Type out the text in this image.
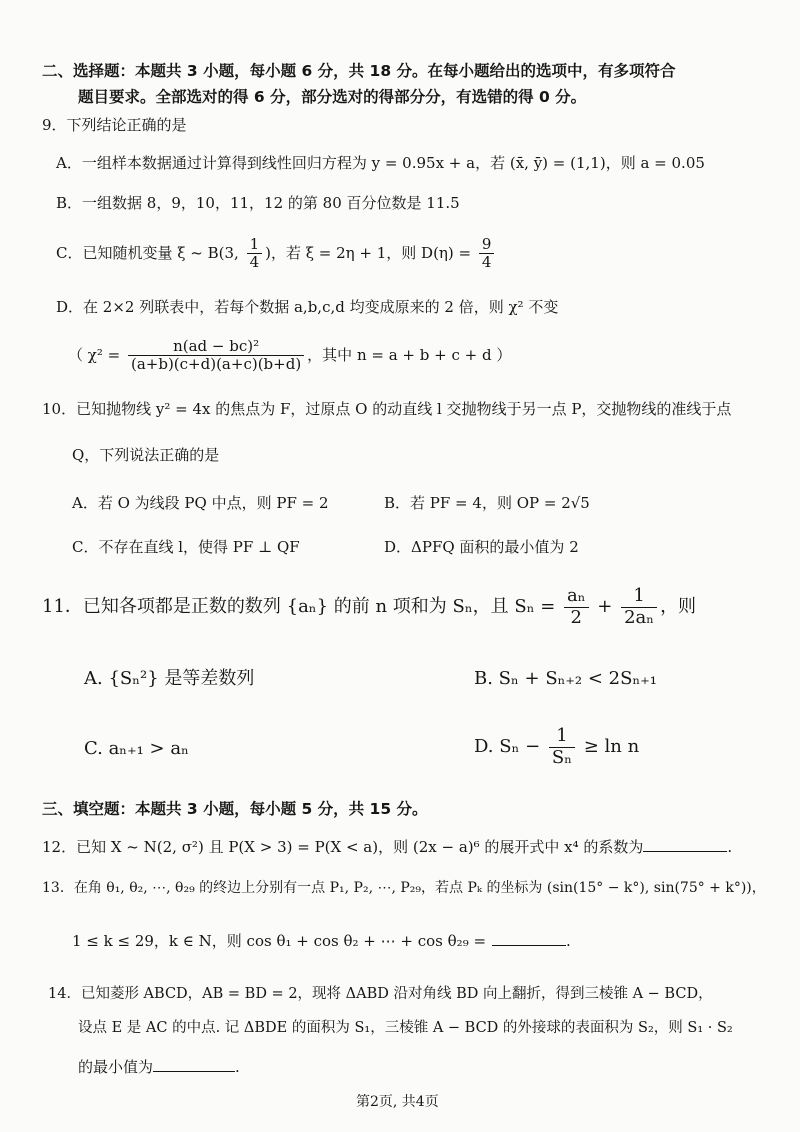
二、选择题：本题共 3 小题，每小题 6 分，共 18 分。在每小题给出的选项中，有多项符合
题目要求。全部选对的得 6 分，部分选对的得部分分，有选错的得 0 分。
9．下列结论正确的是
A．一组样本数据通过计算得到线性回归方程为 y = 0.95x + a，若 (x̄, ȳ) = (1,1)，则 a = 0.05
B．一组数据 8，9，10，11，12 的第 80 百分位数是 11.5
C．已知随机变量 ξ ~ B(3, $\frac{1}{4}$ )，若 ξ = 2η + 1，则 $D(\eta) = \frac{9}{4}$
D．在 2×2 列联表中，若每个数据 a,b,c,d 均变成原来的 2 倍，则 χ² 不变
（ $\chi^2 = \frac{\text{n(ad − bc)²}}{(a+b)(c+d)(a+c)(b+d)}$ ，其中 n = a + b + c + d ）
10．已知抛物线 y² = 4x 的焦点为 F，过原点 O 的动直线 l 交抛物线于另一点 P，交抛物线的准线于点
Q，下列说法正确的是
A．若 O 为线段 PQ 中点，则 PF = 2	B．若 PF = 4，则 OP = 2√5
C．不存在直线 l，使得 PF ⊥ QF	D．ΔPFQ 面积的最小值为 2
11．已知各项都是正数的数列 {aₙ} 的前 n 项和为 Sₙ，且 $S_n = \frac{\text{aₙ}}{2} + \frac{1}{\text{2aₙ}}$ ，则
A. {Sₙ²} 是等差数列	B. Sₙ + Sₙ₊₂ < 2Sₙ₊₁
C. aₙ₊₁ > aₙ	D. $S_n - \frac{1}{\text{Sₙ}} \ge \ln n$
三、填空题：本题共 3 小题，每小题 5 分，共 15 分。
12．已知 X ~ N(2, σ²) 且 P(X > 3) = P(X < a)，则 (2x − a)⁶ 的展开式中 x⁴ 的系数为	.
13．在角 θ₁, θ₂, ⋯, θ₂₉ 的终边上分别有一点 P₁, P₂, ⋯, P₂₉，若点 Pₖ 的坐标为 (sin(15° − k°), sin(75° + k°))，
1 ≤ k ≤ 29，k ∈ N，则 cos θ₁ + cos θ₂ + ⋯ + cos θ₂₉ =	.
14．已知菱形 ABCD，AB = BD = 2，现将 ΔABD 沿对角线 BD 向上翻折，得到三棱锥 A − BCD，
设点 E 是 AC 的中点. 记 ΔBDE 的面积为 S₁，三棱锥 A − BCD 的外接球的表面积为 S₂，则 S₁ · S₂
的最小值为	.
第2页, 共4页
